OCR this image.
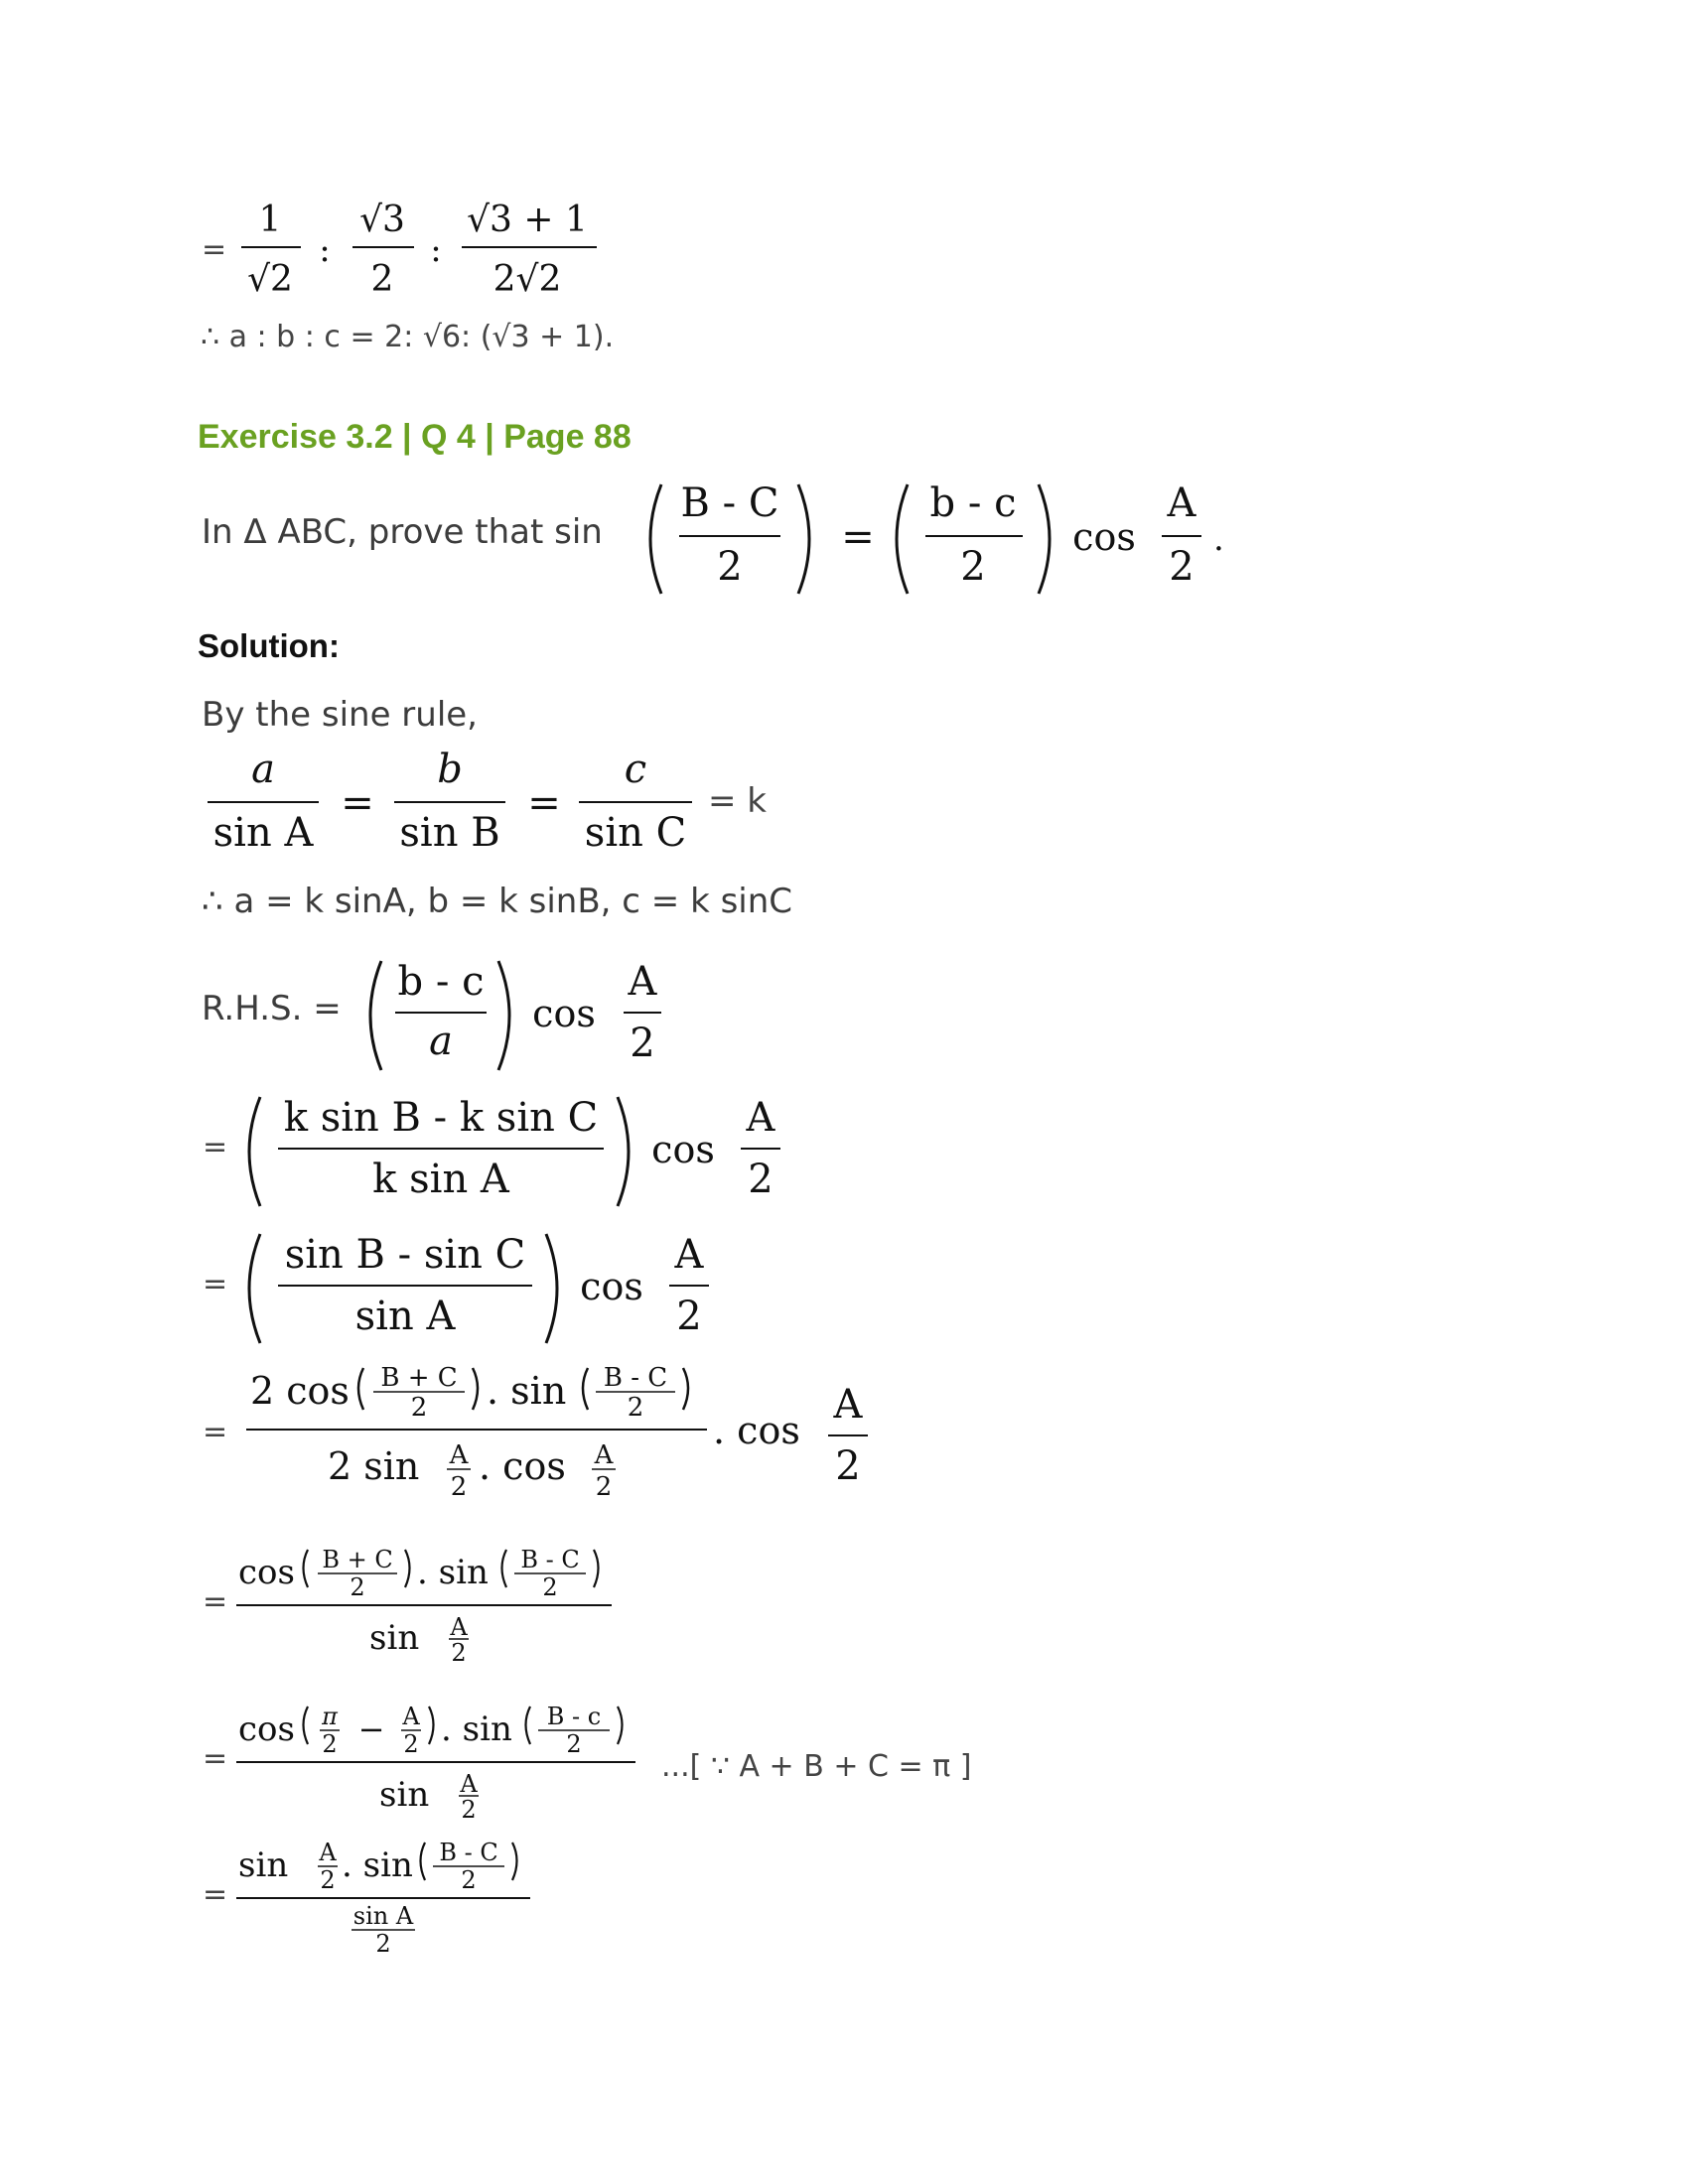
=
1
√2
:
√3
2
:
√3 + 1
2√2
∴ a : b : c = 2: √6: (√3 + 1).
Exercise 3.2 | Q 4 | Page 88
In Δ ABC, prove that sin
B - C
2
=
b - c
2
cos
A
2
.
Solution:
By the sine rule,
a
sin A
=
b
sin B
=
c
sin C
= k
∴ a = k sinA, b = k sinB, c = k sinC
R.H.S. =
b - c
a
cos
A
2
=
k sin B - k sin C
k sin A
cos
A
2
=
sin B - sin C
sin A
cos
A
2
=
2 cos B + C
2 . sin B - C
2
2 sin A
2 . cos A
2
. cos
A
2
=
cos B + C
2 . sin B - C
2
sin A
2
=
cos π
2 − A
2 . sin B - c
2
sin A
2
...[ ∵ A + B + C = π ]
=
sin A
2 . sin B - C
2
sin A
2
